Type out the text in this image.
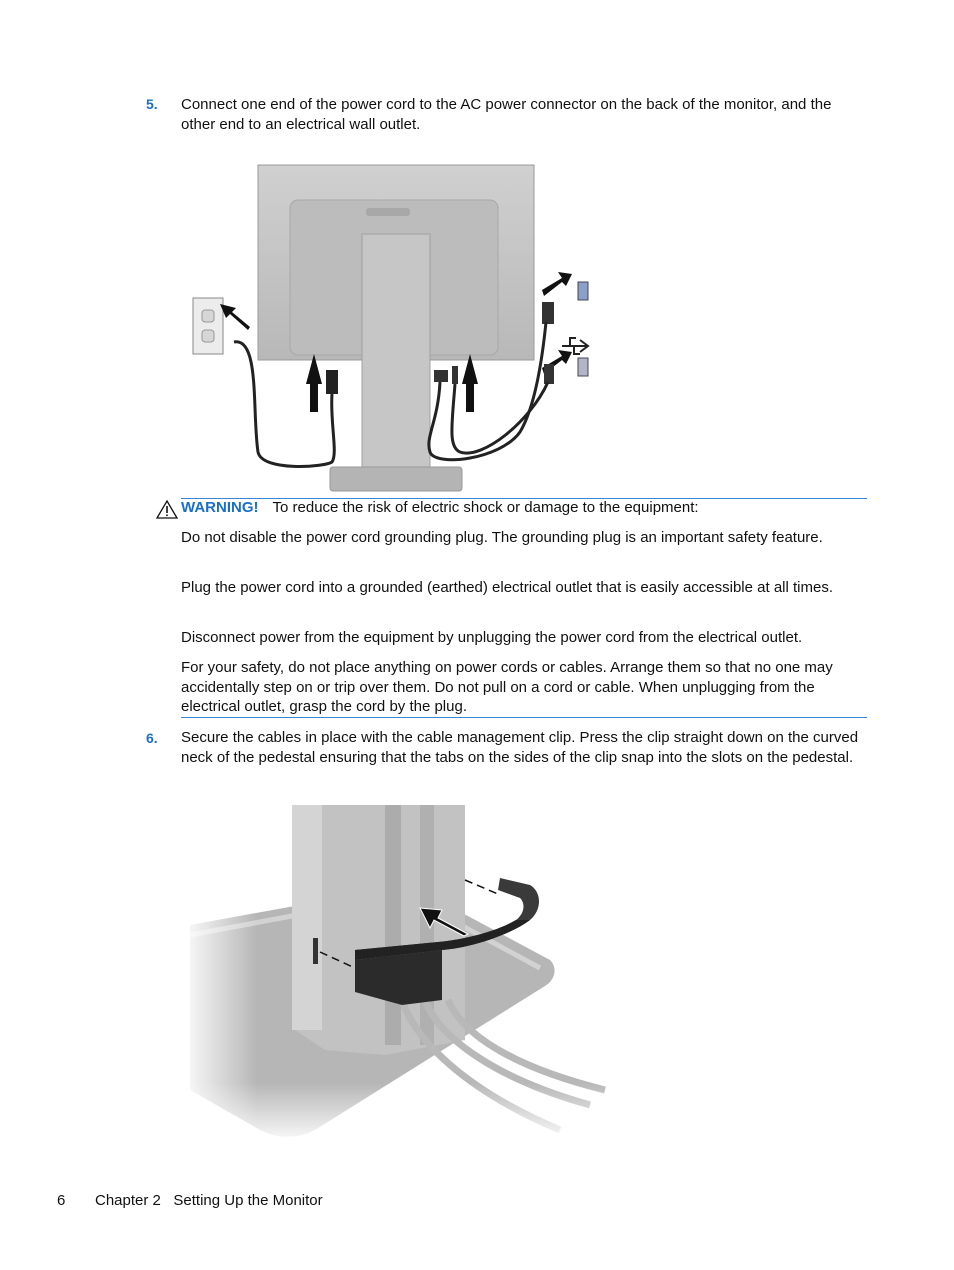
5. Connect one end of the power cord to the AC power connector on the back of the monitor, and the other end to an electrical wall outlet.
WARNING! To reduce the risk of electric shock or damage to the equipment:
Do not disable the power cord grounding plug. The grounding plug is an important safety feature.
Plug the power cord into a grounded (earthed) electrical outlet that is easily accessible at all times.
Disconnect power from the equipment by unplugging the power cord from the electrical outlet.
For your safety, do not place anything on power cords or cables. Arrange them so that no one may accidentally step on or trip over them. Do not pull on a cord or cable. When unplugging from the electrical outlet, grasp the cord by the plug.
6. Secure the cables in place with the cable management clip. Press the clip straight down on the curved neck of the pedestal ensuring that the tabs on the sides of the clip snap into the slots on the pedestal.
6 Chapter 2 Setting Up the Monitor
